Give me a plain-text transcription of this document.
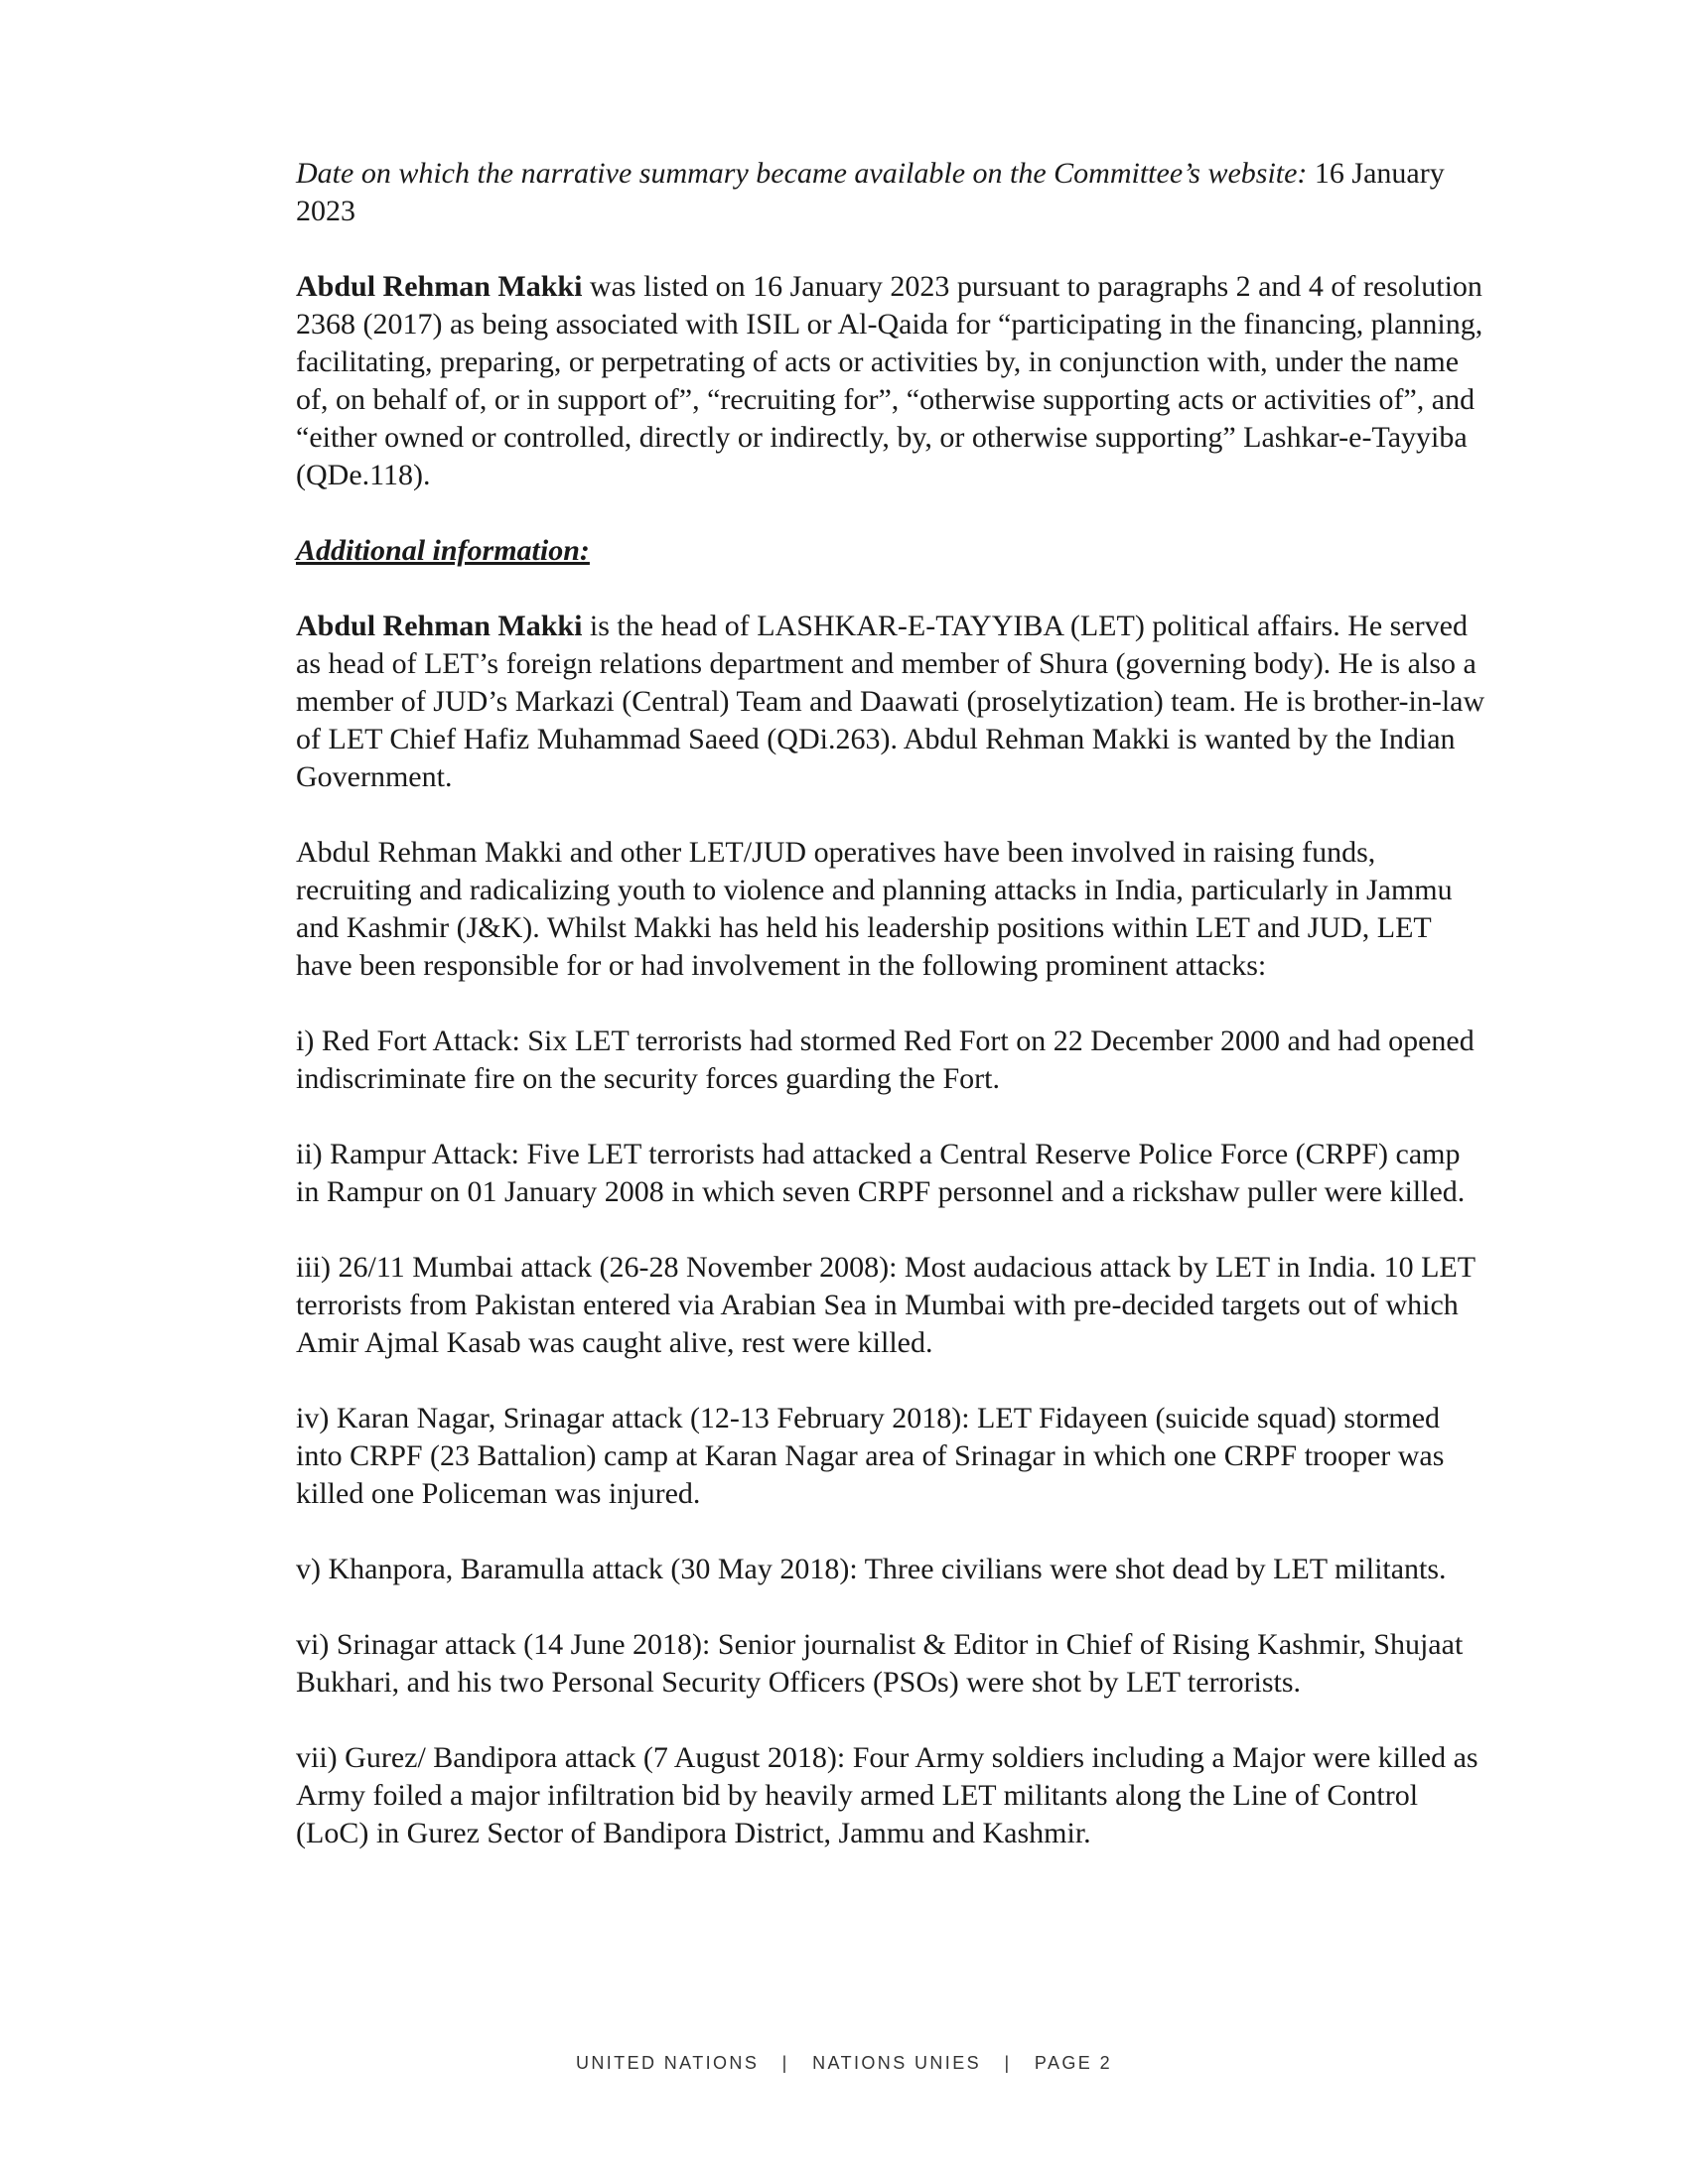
Date on which the narrative summary became available on the Committee’s website: 16 January 2023

Abdul Rehman Makki was listed on 16 January 2023 pursuant to paragraphs 2 and 4 of resolution 2368 (2017) as being associated with ISIL or Al-Qaida for “participating in the financing, planning, facilitating, preparing, or perpetrating of acts or activities by, in conjunction with, under the name of, on behalf of, or in support of”, “recruiting for”, “otherwise supporting acts or activities of”, and “either owned or controlled, directly or indirectly, by, or otherwise supporting” Lashkar-e-Tayyiba (QDe.118).

Additional information:

Abdul Rehman Makki is the head of LASHKAR-E-TAYYIBA (LET) political affairs. He served as head of LET’s foreign relations department and member of Shura (governing body). He is also a member of JUD’s Markazi (Central) Team and Daawati (proselytization) team. He is brother-in-law of LET Chief Hafiz Muhammad Saeed (QDi.263). Abdul Rehman Makki is wanted by the Indian Government.

Abdul Rehman Makki and other LET/JUD operatives have been involved in raising funds, recruiting and radicalizing youth to violence and planning attacks in India, particularly in Jammu and Kashmir (J&K). Whilst Makki has held his leadership positions within LET and JUD, LET have been responsible for or had involvement in the following prominent attacks:

i) Red Fort Attack: Six LET terrorists had stormed Red Fort on 22 December 2000 and had opened indiscriminate fire on the security forces guarding the Fort.

ii) Rampur Attack: Five LET terrorists had attacked a Central Reserve Police Force (CRPF) camp in Rampur on 01 January 2008 in which seven CRPF personnel and a rickshaw puller were killed.

iii) 26/11 Mumbai attack (26-28 November 2008): Most audacious attack by LET in India. 10 LET terrorists from Pakistan entered via Arabian Sea in Mumbai with pre-decided targets out of which Amir Ajmal Kasab was caught alive, rest were killed.

iv) Karan Nagar, Srinagar attack (12-13 February 2018): LET Fidayeen (suicide squad) stormed into CRPF (23 Battalion) camp at Karan Nagar area of Srinagar in which one CRPF trooper was killed one Policeman was injured.

v) Khanpora, Baramulla attack (30 May 2018): Three civilians were shot dead by LET militants.

vi) Srinagar attack (14 June 2018): Senior journalist & Editor in Chief of Rising Kashmir, Shujaat Bukhari, and his two Personal Security Officers (PSOs) were shot by LET terrorists.

vii) Gurez/ Bandipora attack (7 August 2018): Four Army soldiers including a Major were killed as Army foiled a major infiltration bid by heavily armed LET militants along the Line of Control (LoC) in Gurez Sector of Bandipora District, Jammu and Kashmir.

UNITED NATIONS | NATIONS UNIES | PAGE 2
